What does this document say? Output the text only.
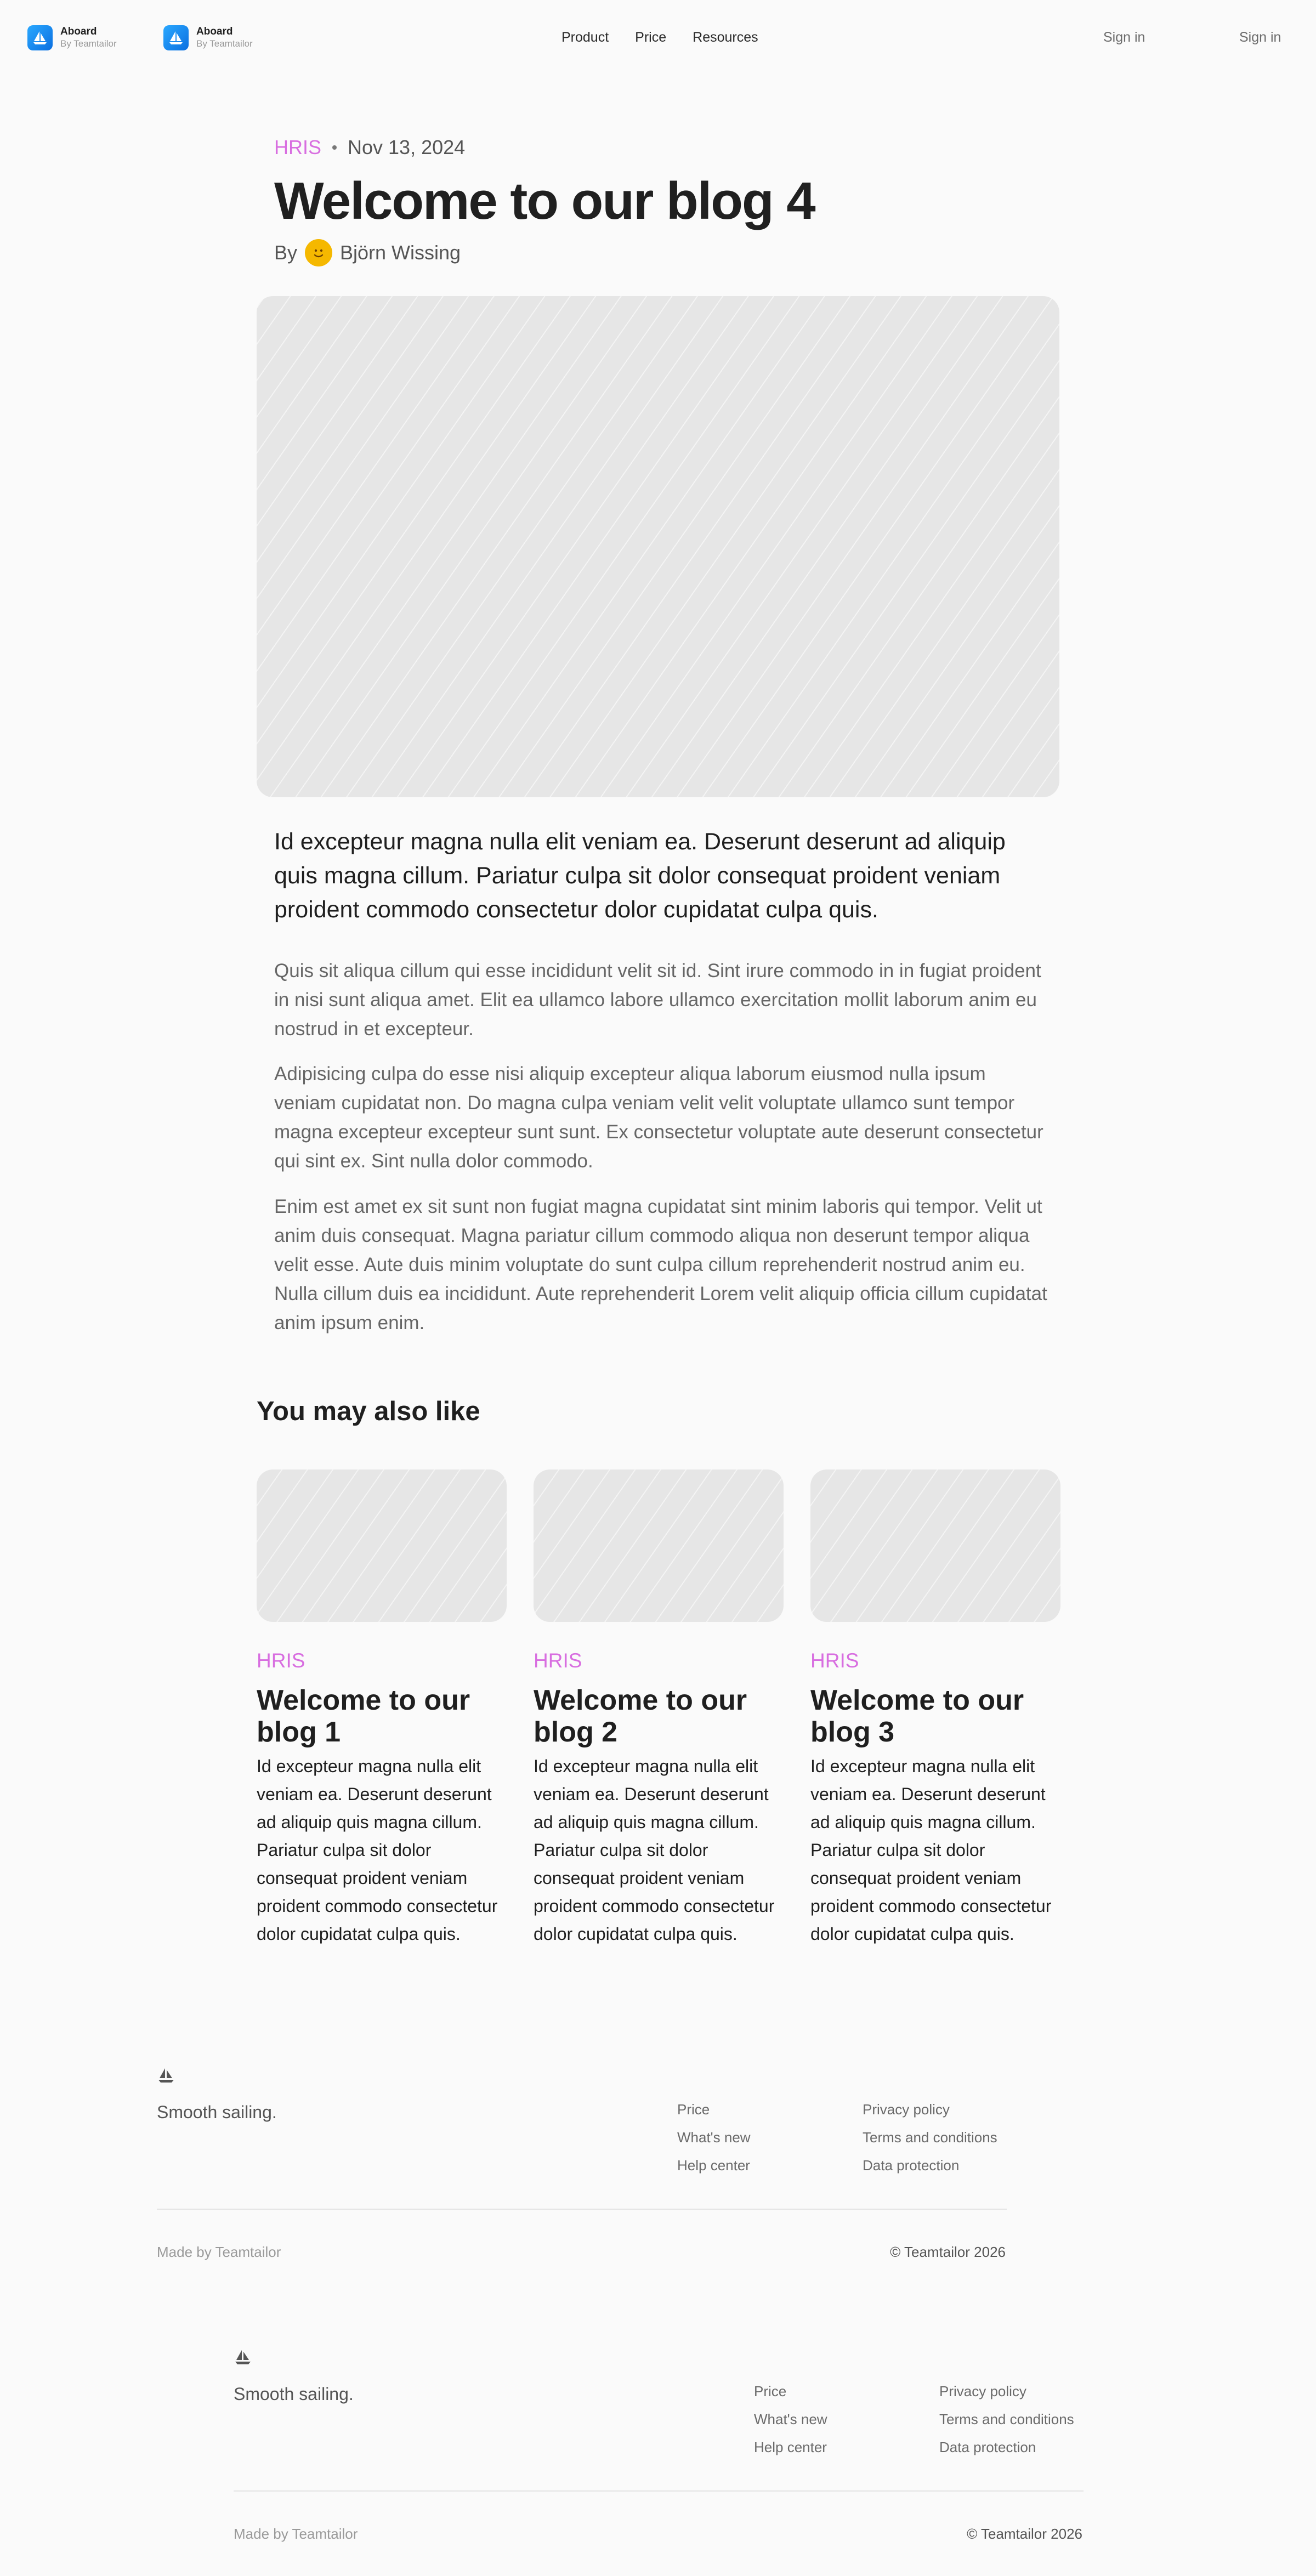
Aboard
By Teamtailor
Aboard
By Teamtailor	Product Price Resources	Sign in	Sign in
HRIS Nov 13, 2024
Welcome to our blog 4
By Björn Wissing

Id excepteur magna nulla elit veniam ea. Deserunt deserunt ad aliquip quis magna cillum. Pariatur culpa sit dolor consequat proident veniam proident commodo consectetur dolor cupidatat culpa quis.

Quis sit aliqua cillum qui esse incididunt velit sit id. Sint irure commodo in in fugiat proident in nisi sunt aliqua amet. Elit ea ullamco labore ullamco exercitation mollit laborum anim eu nostrud in et excepteur.

Adipisicing culpa do esse nisi aliquip excepteur aliqua laborum eiusmod nulla ipsum veniam cupidatat non. Do magna culpa veniam velit velit voluptate ullamco sunt tempor magna excepteur excepteur sunt sunt. Ex consectetur voluptate aute deserunt consectetur qui sint ex. Sint nulla dolor commodo.

Enim est amet ex sit sunt non fugiat magna cupidatat sint minim laboris qui tempor. Velit ut anim duis consequat. Magna pariatur cillum commodo aliqua non deserunt tempor aliqua velit esse. Aute duis minim voluptate do sunt culpa cillum reprehenderit nostrud anim eu. Nulla cillum duis ea incididunt. Aute reprehenderit Lorem velit aliquip officia cillum cupidatat anim ipsum enim.

You may also like
HRIS
Welcome to our blog 1
Id excepteur magna nulla elit veniam ea. Deserunt deserunt ad aliquip quis magna cillum. Pariatur culpa sit dolor consequat proident veniam proident commodo consectetur dolor cupidatat culpa quis.
HRIS
Welcome to our blog 2
Id excepteur magna nulla elit veniam ea. Deserunt deserunt ad aliquip quis magna cillum. Pariatur culpa sit dolor consequat proident veniam proident commodo consectetur dolor cupidatat culpa quis.
HRIS
Welcome to our blog 3
Id excepteur magna nulla elit veniam ea. Deserunt deserunt ad aliquip quis magna cillum. Pariatur culpa sit dolor consequat proident veniam proident commodo consectetur dolor cupidatat culpa quis.
Smooth sailing.	Price
What's new
Help center
Privacy policy
Terms and conditions
Data protection
Made by Teamtailor	© Teamtailor 2026
Smooth sailing.	Price
What's new
Help center
Privacy policy
Terms and conditions
Data protection
Made by Teamtailor	© Teamtailor 2026
